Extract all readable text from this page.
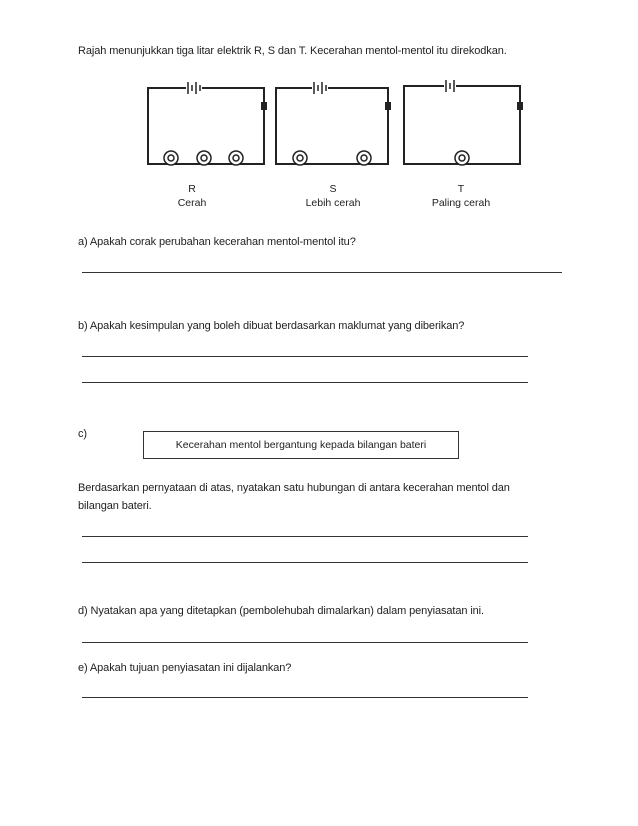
Rajah menunjukkan tiga litar elektrik R, S dan T. Kecerahan mentol-mentol itu direkodkan.
R
Cerah
S
Lebih cerah
T
Paling cerah
a) Apakah corak perubahan kecerahan mentol-mentol itu?
b) Apakah kesimpulan yang boleh dibuat berdasarkan maklumat yang diberikan?
c)
Kecerahan mentol bergantung kepada bilangan bateri
Berdasarkan pernyataan di atas, nyatakan satu hubungan di antara kecerahan mentol dan
bilangan bateri.
d) Nyatakan apa yang ditetapkan (pembolehubah dimalarkan) dalam penyiasatan ini.
e) Apakah tujuan penyiasatan ini dijalankan?
